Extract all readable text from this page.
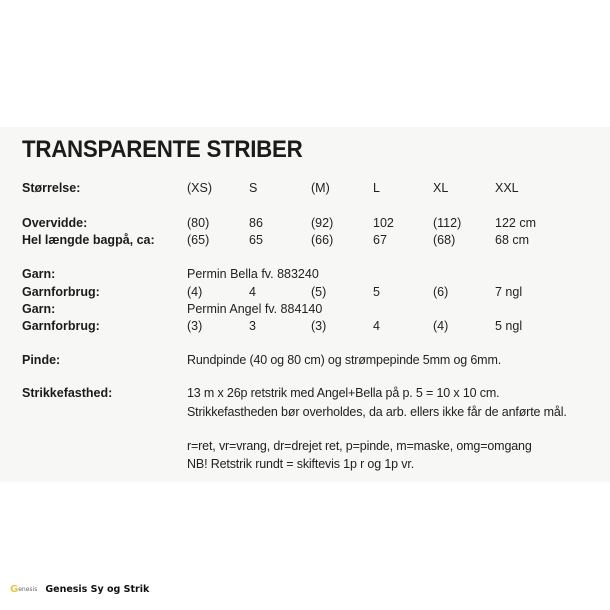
TRANSPARENTE STRIBER
Størrelse:	(XS)	S	(M)	L	XL	XXL
Overvidde:	(80)	86	(92)	102	(112)	122 cm
Hel længde bagpå, ca:	(65)	65	(66)	67	(68)	68 cm
Garn:	Permin Bella fv. 883240
Garnforbrug:	(4)	4	(5)	5	(6)	7 ngl
Garn:	Permin Angel fv. 884140
Garnforbrug:	(3)	3	(3)	4	(4)	5 ngl
Pinde:	Rundpinde (40 og 80 cm) og strømpepinde 5mm og 6mm.
Strikkefasthed:	13 m x 26p retstrik med Angel+Bella på p. 5 = 10 x 10 cm.
Strikkefastheden bør overholdes, da arb. ellers ikke får de anførte mål.
r=ret, vr=vrang, dr=drejet ret, p=pinde, m=maske, omg=omgang
NB! Retstrik rundt = skiftevis 1p r og 1p vr.
G enesis Genesis Sy og Strik
